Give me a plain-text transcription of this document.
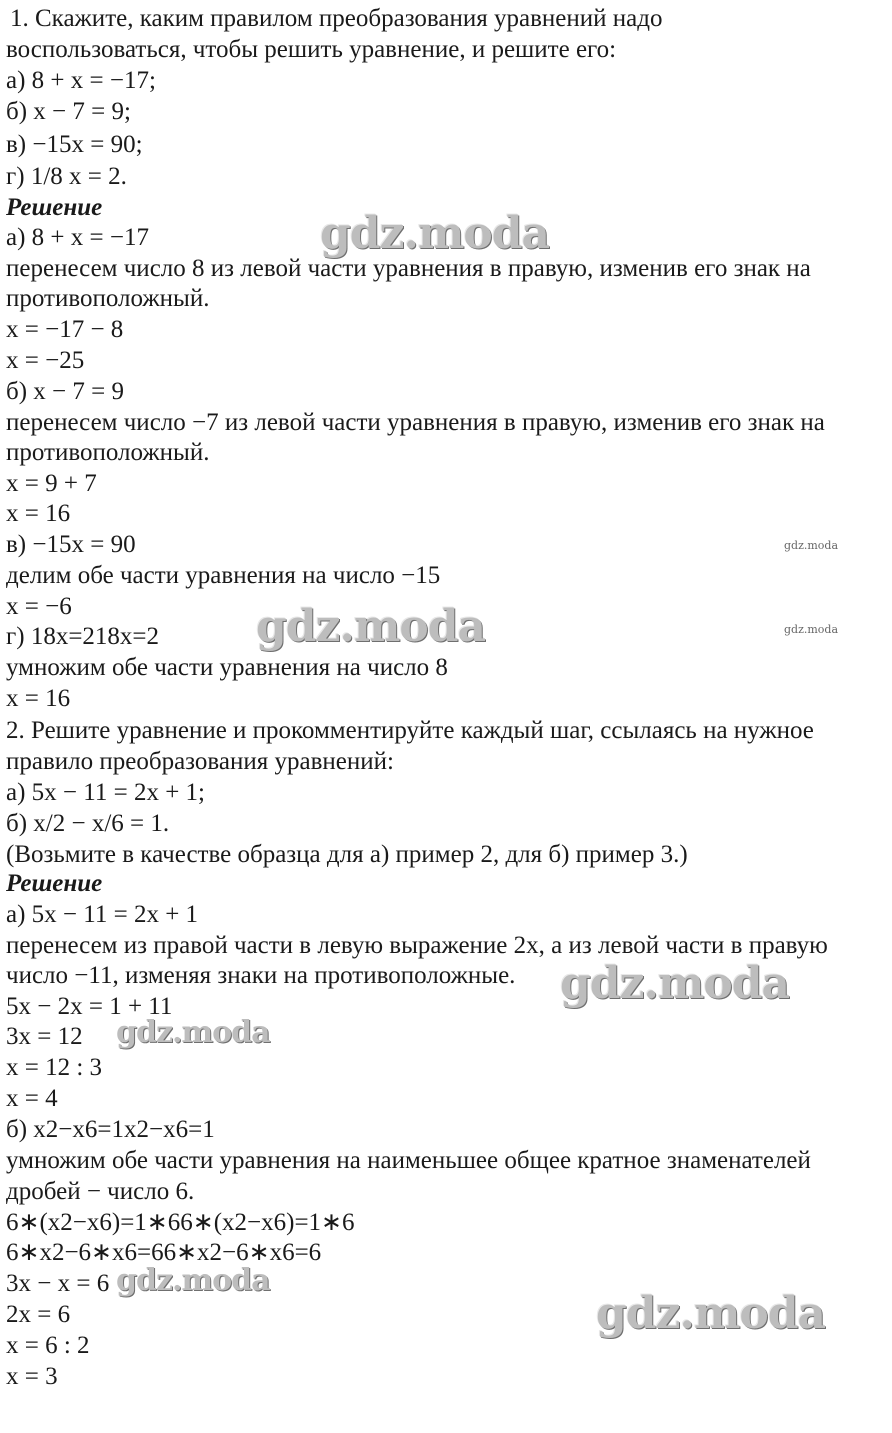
1. Скажите, каким правилом преобразования уравнений надо
воспользоваться, чтобы решить уравнение, и решите его:
а) 8 + x = −17;
б) x − 7 = 9;
в) −15x = 90;
г) 1/8 x = 2.
Решение
а) 8 + x = −17
перенесем число 8 из левой части уравнения в правую, изменив его знак на
противоположный.
x = −17 − 8
x = −25
б) x − 7 = 9
перенесем число −7 из левой части уравнения в правую, изменив его знак на
противоположный.
x = 9 + 7
x = 16
в) −15x = 90
делим обе части уравнения на число −15
x = −6
г) 18x=218x=2
умножим обе части уравнения на число 8
x = 16
2. Решите уравнение и прокомментируйте каждый шаг, ссылаясь на нужное
правило преобразования уравнений:
а) 5x − 11 = 2x + 1;
б) x/2 − x/6 = 1.
(Возьмите в качестве образца для а) пример 2, для б) пример 3.)
Решение
а) 5x − 11 = 2x + 1
перенесем из правой части в левую выражение 2x, а из левой части в правую
число −11, изменяя знаки на противоположные.
5x − 2x = 1 + 11
3x = 12
x = 12 : 3
x = 4
б) x2−x6=1x2−x6=1
умножим обе части уравнения на наименьшее общее кратное знаменателей
дробей − число 6.
6∗(x2−x6)=1∗66∗(x2−x6)=1∗6
6∗x2−6∗x6=66∗x2−6∗x6=6
3x − x = 6
2x = 6
x = 6 : 2
x = 3
gdz.moda
gdz.moda
gdz.moda	gdz.moda
gdz.moda
gdz.moda
gdz.moda
gdz.moda
